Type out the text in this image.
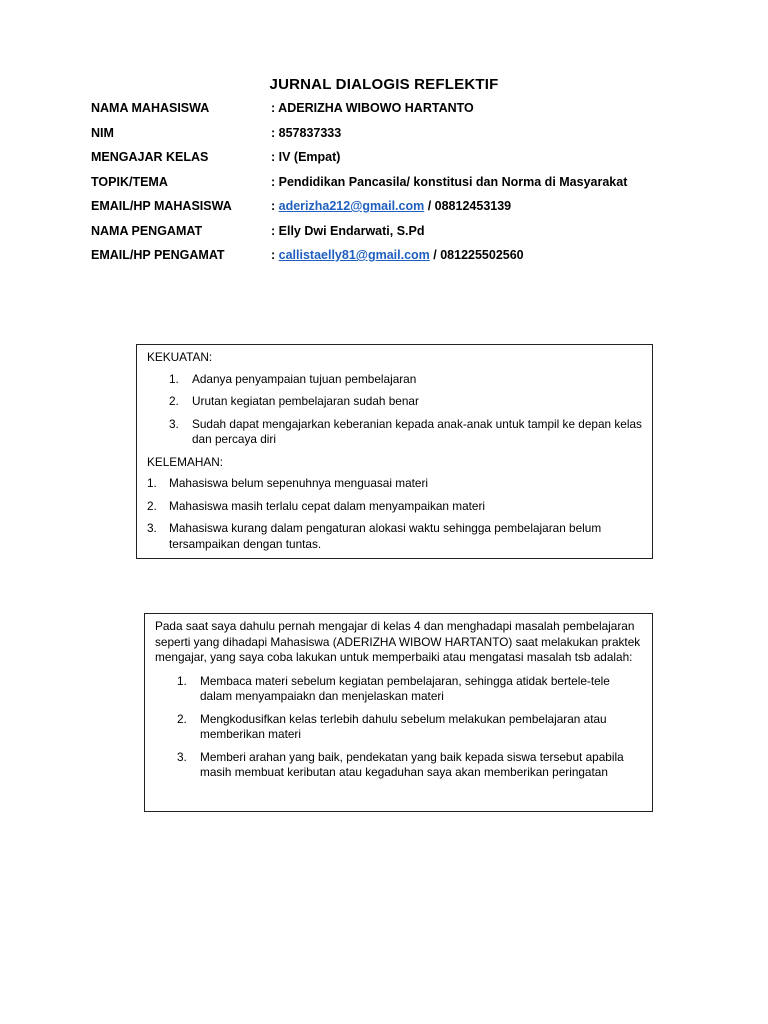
JURNAL DIALOGIS REFLEKTIF
NAMA MAHASISWA	: ADERIZHA WIBOWO HARTANTO
NIM	: 857837333
MENGAJAR KELAS	: IV (Empat)
TOPIK/TEMA	: Pendidikan Pancasila/ konstitusi dan Norma di Masyarakat
EMAIL/HP MAHASISWA	: aderizha212@gmail.com / 08812453139
NAMA PENGAMAT	: Elly Dwi Endarwati, S.Pd
EMAIL/HP PENGAMAT	: callistaelly81@gmail.com / 081225502560
KEKUATAN:
1. Adanya penyampaian tujuan pembelajaran
2. Urutan kegiatan pembelajaran sudah benar
3. Sudah dapat mengajarkan keberanian kepada anak-anak untuk tampil ke depan kelas dan percaya diri
KELEMAHAN:
1. Mahasiswa belum sepenuhnya menguasai materi
2. Mahasiswa masih terlalu cepat dalam menyampaikan materi
3. Mahasiswa kurang dalam pengaturan alokasi waktu sehingga pembelajaran belum tersampaikan dengan tuntas.

Pada saat saya dahulu pernah mengajar di kelas 4 dan menghadapi masalah pembelajaran seperti yang dihadapi Mahasiswa (ADERIZHA WIBOW HARTANTO) saat melakukan praktek mengajar, yang saya coba lakukan untuk memperbaiki atau mengatasi masalah tsb adalah:

1. Membaca materi sebelum kegiatan pembelajaran, sehingga atidak bertele-tele dalam menyampaiakn dan menjelaskan materi
2. Mengkodusifkan kelas terlebih dahulu sebelum melakukan pembelajaran atau memberikan materi
3. Memberi arahan yang baik, pendekatan yang baik kepada siswa tersebut apabila masih membuat keributan atau kegaduhan saya akan memberikan peringatan
